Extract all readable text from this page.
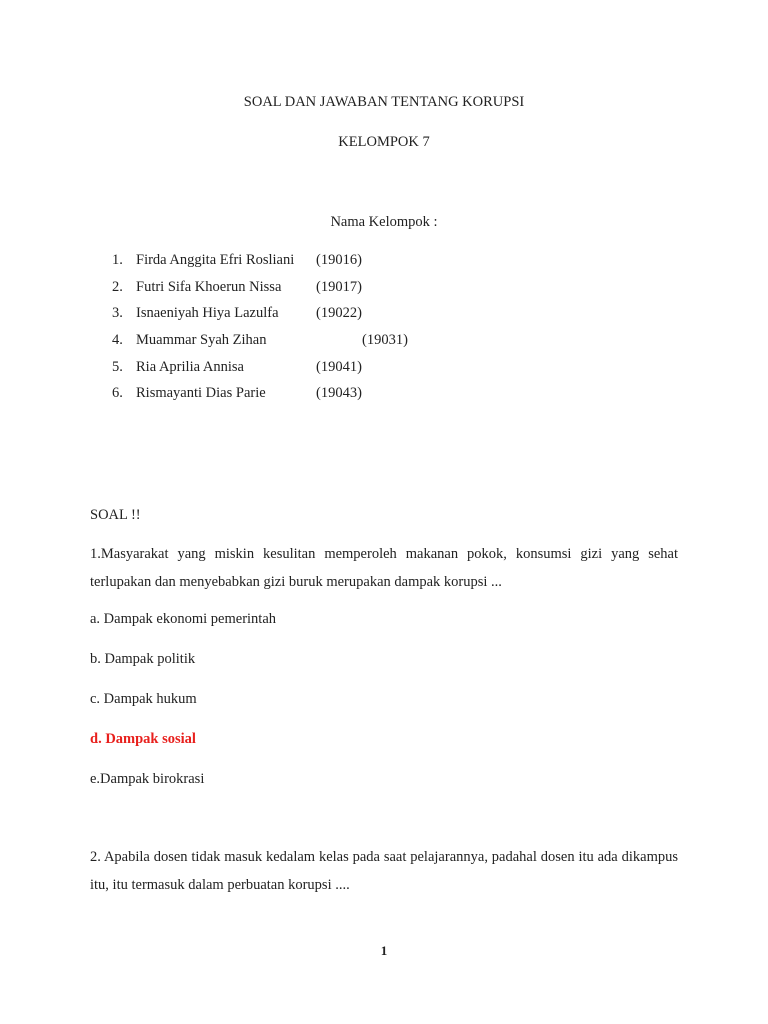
SOAL DAN JAWABAN TENTANG KORUPSI
KELOMPOK 7
Nama Kelompok :
1. Firda Anggita Efri Rosliani (19016)
2. Futri Sifa Khoerun Nissa (19017)
3. Isnaeniyah Hiya Lazulfa	(19022)
4. Muammar Syah Zihan	(19031)
5. Ria Aprilia Annisa	(19041)
6. Rismayanti Dias Parie	(19043)
SOAL !!
1.Masyarakat yang miskin kesulitan memperoleh makanan pokok, konsumsi gizi yang sehat terlupakan dan menyebabkan gizi buruk merupakan dampak korupsi ...
a. Dampak ekonomi pemerintah
b. Dampak politik
c. Dampak hukum
d. Dampak sosial
e.Dampak birokrasi
2. Apabila dosen tidak masuk kedalam kelas pada saat pelajarannya, padahal dosen itu ada dikampus itu, itu termasuk dalam perbuatan korupsi ....
1
